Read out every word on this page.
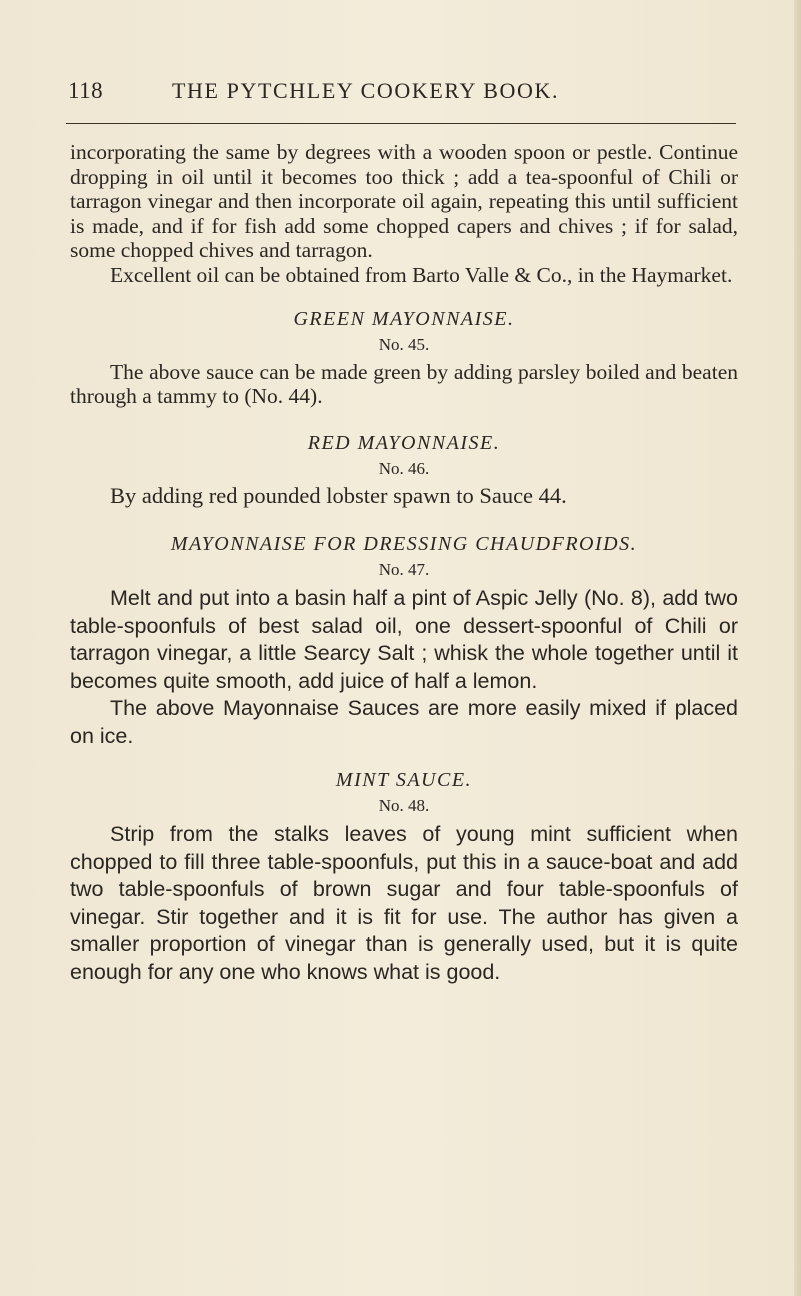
118	THE PYTCHLEY COOKERY BOOK.

incorporating the same by degrees with a wooden spoon or pestle. Continue dropping in oil until it becomes too thick ; add a tea-spoonful of Chili or tarragon vinegar and then incorporate oil again, repeating this until sufficient is made, and if for fish add some chopped capers and chives ; if for salad, some chopped chives and tarragon.

Excellent oil can be obtained from Barto Valle & Co., in the Haymarket.

GREEN MAYONNAISE.
No. 45.

The above sauce can be made green by adding parsley boiled and beaten through a tammy to (No. 44).

RED MAYONNAISE.
No. 46.

By adding red pounded lobster spawn to Sauce 44.

MAYONNAISE FOR DRESSING CHAUDFROIDS.
No. 47.

Melt and put into a basin half a pint of Aspic Jelly (No. 8), add two table-spoonfuls of best salad oil, one dessert-spoonful of Chili or tarragon vinegar, a little Searcy Salt ; whisk the whole together until it becomes quite smooth, add juice of half a lemon.

The above Mayonnaise Sauces are more easily mixed if placed on ice.

MINT SAUCE.
No. 48.

Strip from the stalks leaves of young mint sufficient when chopped to fill three table-spoonfuls, put this in a sauce-boat and add two table-spoonfuls of brown sugar and four table-spoonfuls of vinegar. Stir together and it is fit for use. The author has given a smaller proportion of vinegar than is generally used, but it is quite enough for any one who knows what is good.
